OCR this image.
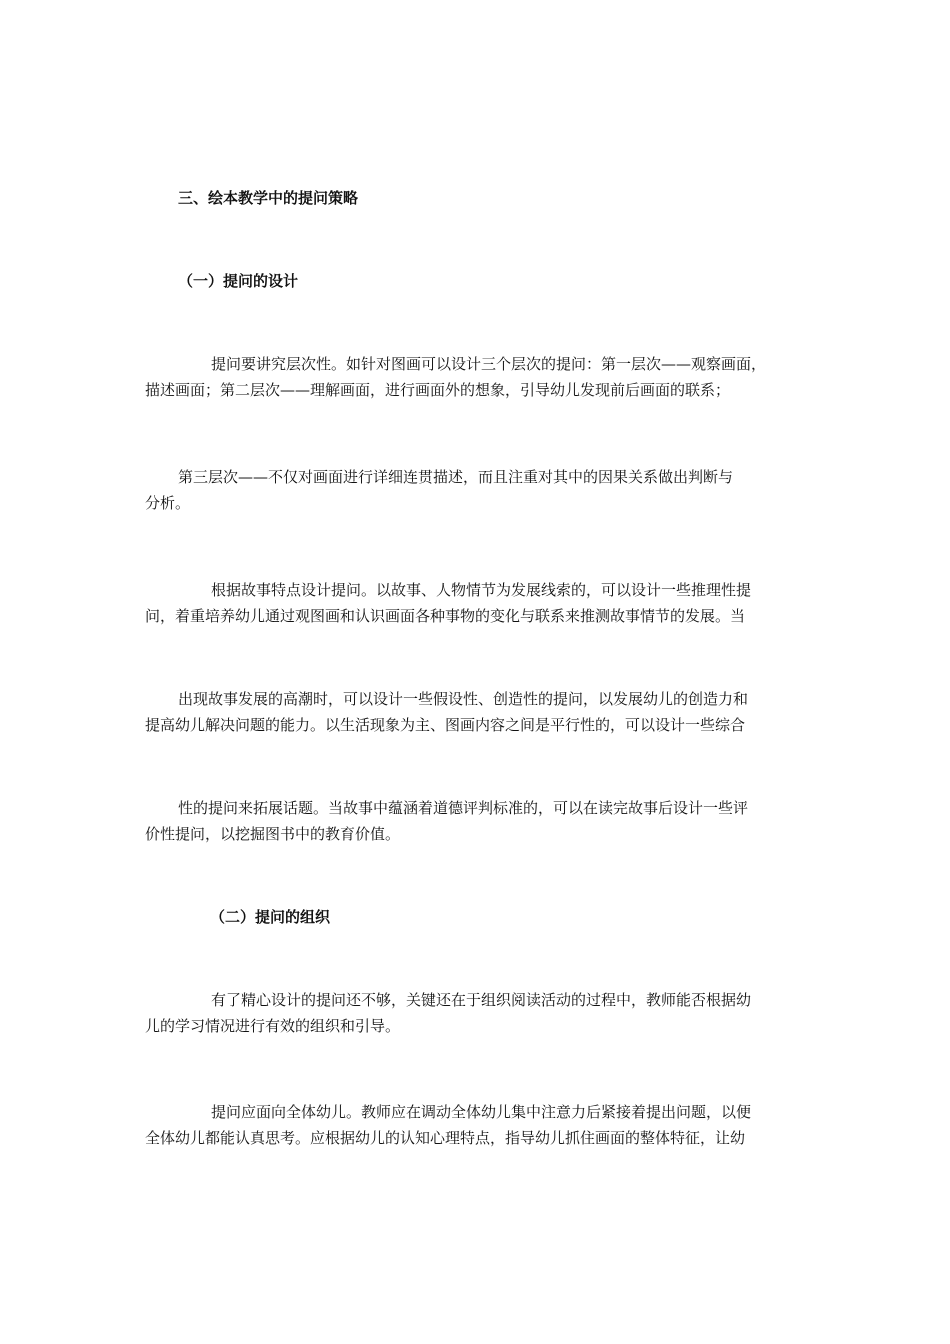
三、绘本教学中的提问策略
（一）提问的设计

提问要讲究层次性。如针对图画可以设计三个层次的提问：第一层次——观察画面，

描述画面；第二层次——理解画面，进行画面外的想象，引导幼儿发现前后画面的联系；

第三层次——不仅对画面进行详细连贯描述，而且注重对其中的因果关系做出判断与

分析。

根据故事特点设计提问。以故事、人物情节为发展线索的，可以设计一些推理性提

问，着重培养幼儿通过观图画和认识画面各种事物的变化与联系来推测故事情节的发展。当

出现故事发展的高潮时，可以设计一些假设性、创造性的提问，以发展幼儿的创造力和

提高幼儿解决问题的能力。以生活现象为主、图画内容之间是平行性的，可以设计一些综合

性的提问来拓展话题。当故事中蕴涵着道德评判标准的，可以在读完故事后设计一些评

价性提问，以挖掘图书中的教育价值。

（二）提问的组织

有了精心设计的提问还不够，关键还在于组织阅读活动的过程中，教师能否根据幼

儿的学习情况进行有效的组织和引导。

提问应面向全体幼儿。教师应在调动全体幼儿集中注意力后紧接着提出问题，以便

全体幼儿都能认真思考。应根据幼儿的认知心理特点，指导幼儿抓住画面的整体特征，让幼
